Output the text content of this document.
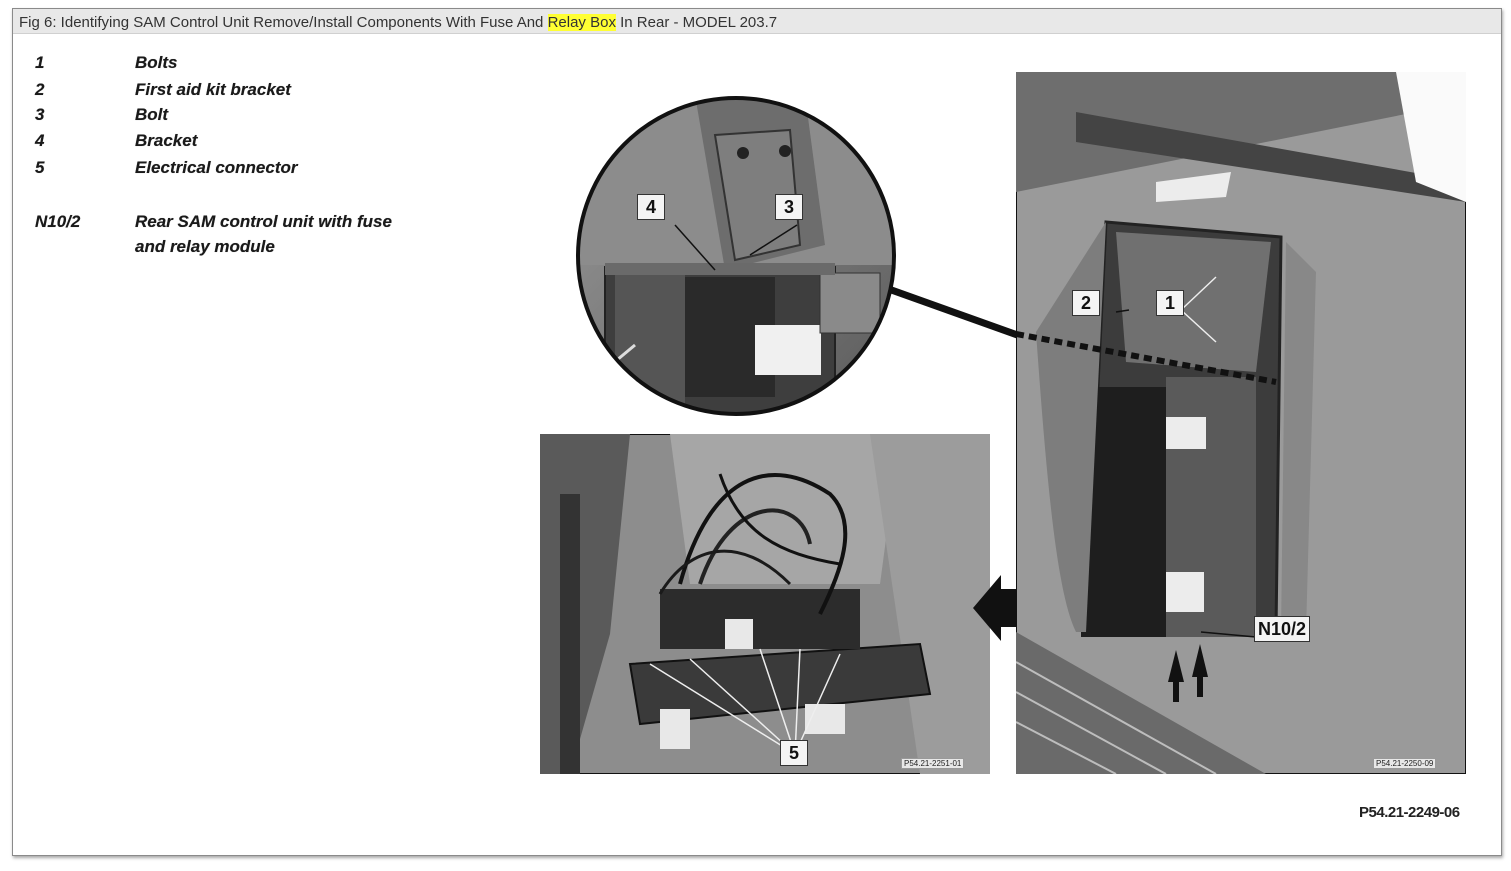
Fig 6: Identifying SAM Control Unit Remove/Install Components With Fuse And Relay Box In Rear - MODEL 203.7
1	Bolts
2	First aid kit bracket
3	Bolt
4	Bracket
5	Electrical connector
N10/2	Rear SAM control unit with fuse
and relay module
4	3
2	1
5
N10/2
P54.21-2251-01	P54.21-2250-09
P54.21-2249-06
